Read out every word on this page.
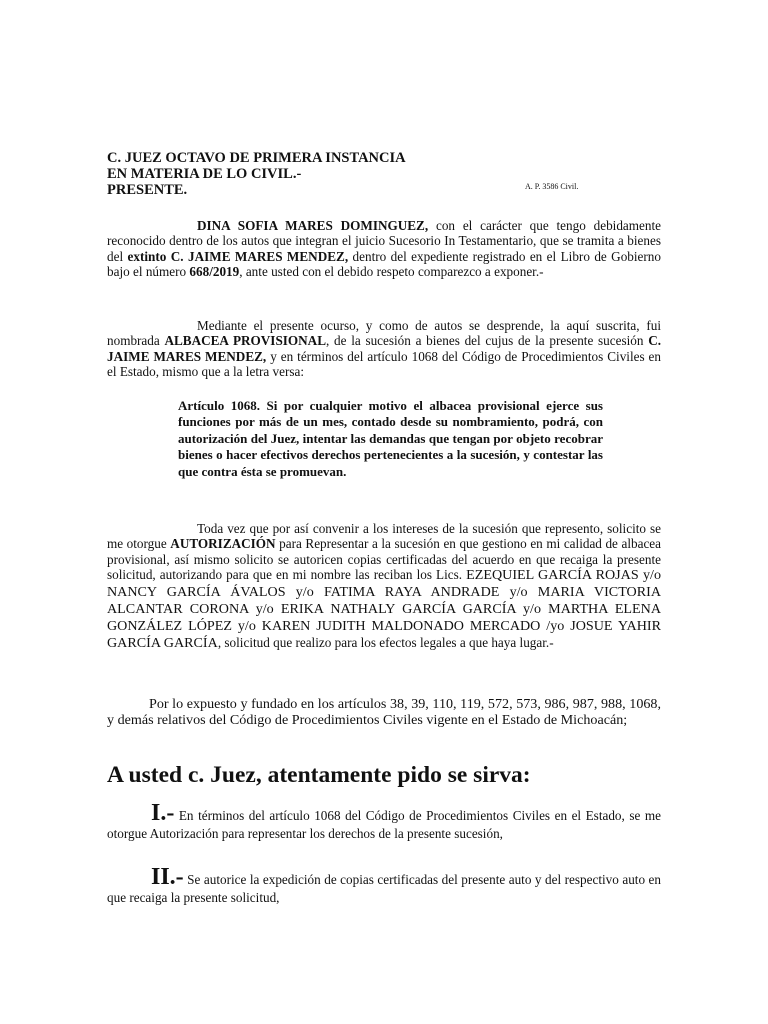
C. JUEZ OCTAVO DE PRIMERA INSTANCIA
EN MATERIA DE LO CIVIL.-
PRESENTE.	A. P. 3586 Civil.
DINA SOFIA MARES DOMINGUEZ, con el carácter que tengo debidamente reconocido dentro de los autos que integran el juicio Sucesorio In Testamentario, que se tramita a bienes del extinto C. JAIME MARES MENDEZ, dentro del expediente registrado en el Libro de Gobierno bajo el número 668/2019, ante usted con el debido respeto comparezco a exponer.-
Mediante el presente ocurso, y como de autos se desprende, la aquí suscrita, fui nombrada ALBACEA PROVISIONAL, de la sucesión a bienes del cujus de la presente sucesión C. JAIME MARES MENDEZ, y en términos del artículo 1068 del Código de Procedimientos Civiles en el Estado, mismo que a la letra versa:
Artículo 1068. Si por cualquier motivo el albacea provisional ejerce sus funciones por más de un mes, contado desde su nombramiento, podrá, con autorización del Juez, intentar las demandas que tengan por objeto recobrar bienes o hacer efectivos derechos pertenecientes a la sucesión, y contestar las que contra ésta se promuevan.
Toda vez que por así convenir a los intereses de la sucesión que represento, solicito se me otorgue AUTORIZACIÓN para Representar a la sucesión en que gestiono en mi calidad de albacea provisional, así mismo solicito se autoricen copias certificadas del acuerdo en que recaiga la presente solicitud, autorizando para que en mi nombre las reciban los Lics. EZEQUIEL GARCÍA ROJAS y/o NANCY GARCÍA ÁVALOS y/o FATIMA RAYA ANDRADE y/o MARIA VICTORIA ALCANTAR CORONA y/o ERIKA NATHALY GARCÍA GARCÍA y/o MARTHA ELENA GONZÁLEZ LÓPEZ y/o KAREN JUDITH MALDONADO MERCADO /yo JOSUE YAHIR GARCÍA GARCÍA, solicitud que realizo para los efectos legales a que haya lugar.-
Por lo expuesto y fundado en los artículos 38, 39, 110, 119, 572, 573, 986, 987, 988, 1068, y demás relativos del Código de Procedimientos Civiles vigente en el Estado de Michoacán;
A usted c. Juez, atentamente pido se sirva:
I.- En términos del artículo 1068 del Código de Procedimientos Civiles en el Estado, se me otorgue Autorización para representar los derechos de la presente sucesión,
II.- Se autorice la expedición de copias certificadas del presente auto y del respectivo auto en que recaiga la presente solicitud,
